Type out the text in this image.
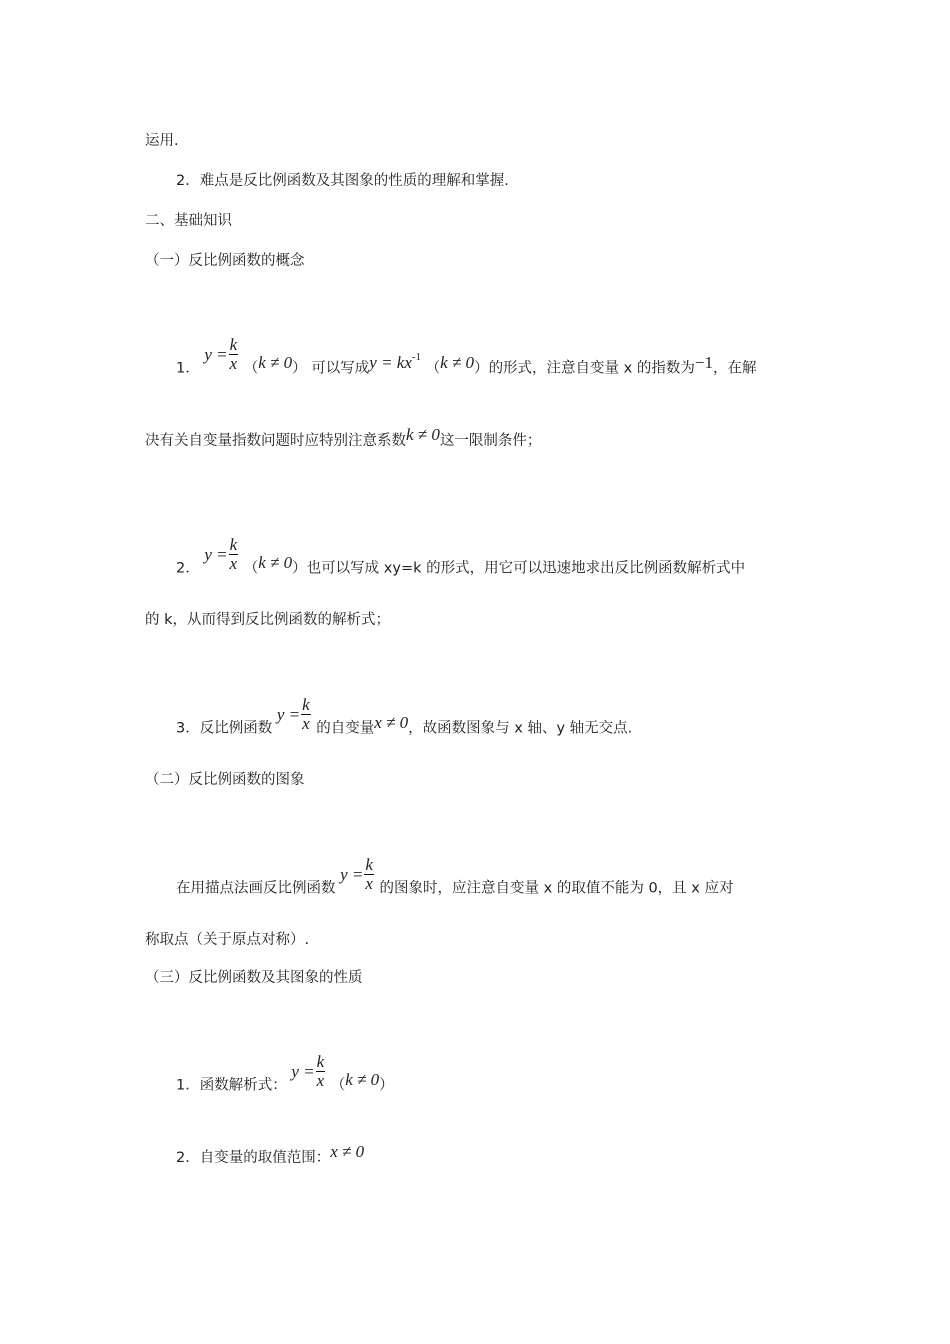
运用.
2．难点是反比例函数及其图象的性质的理解和掌握.
二、基础知识
（一）反比例函数的概念
1．
$y = \frac{k}{x} (k \ne 0)$ 可以写成$y = kx^{-1}$ （k ≠ 0）的形式，注意自变量 x 的指数为−1，在解
决有关自变量指数问题时应特别注意系数k ≠ 0这一限制条件；
2．
$y = \frac{k}{x} (k \ne 0)$也可以写成 xy=k 的形式，用它可以迅速地求出反比例函数解析式中
的 k，从而得到反比例函数的解析式；
3．反比例函数
$y = \frac{k}{x}$ 的自变量x ≠ 0，故函数图象与 x 轴、y 轴无交点.
（二）反比例函数的图象
在用描点法画反比例函数
$y = \frac{k}{x}$ 的图象时，应注意自变量 x 的取值不能为 0，且 x 应对
称取点（关于原点对称）.
（三）反比例函数及其图象的性质
1．函数解析式：
$y = \frac{k}{x} (k \ne 0)$
2．自变量的取值范围：x ≠ 0
